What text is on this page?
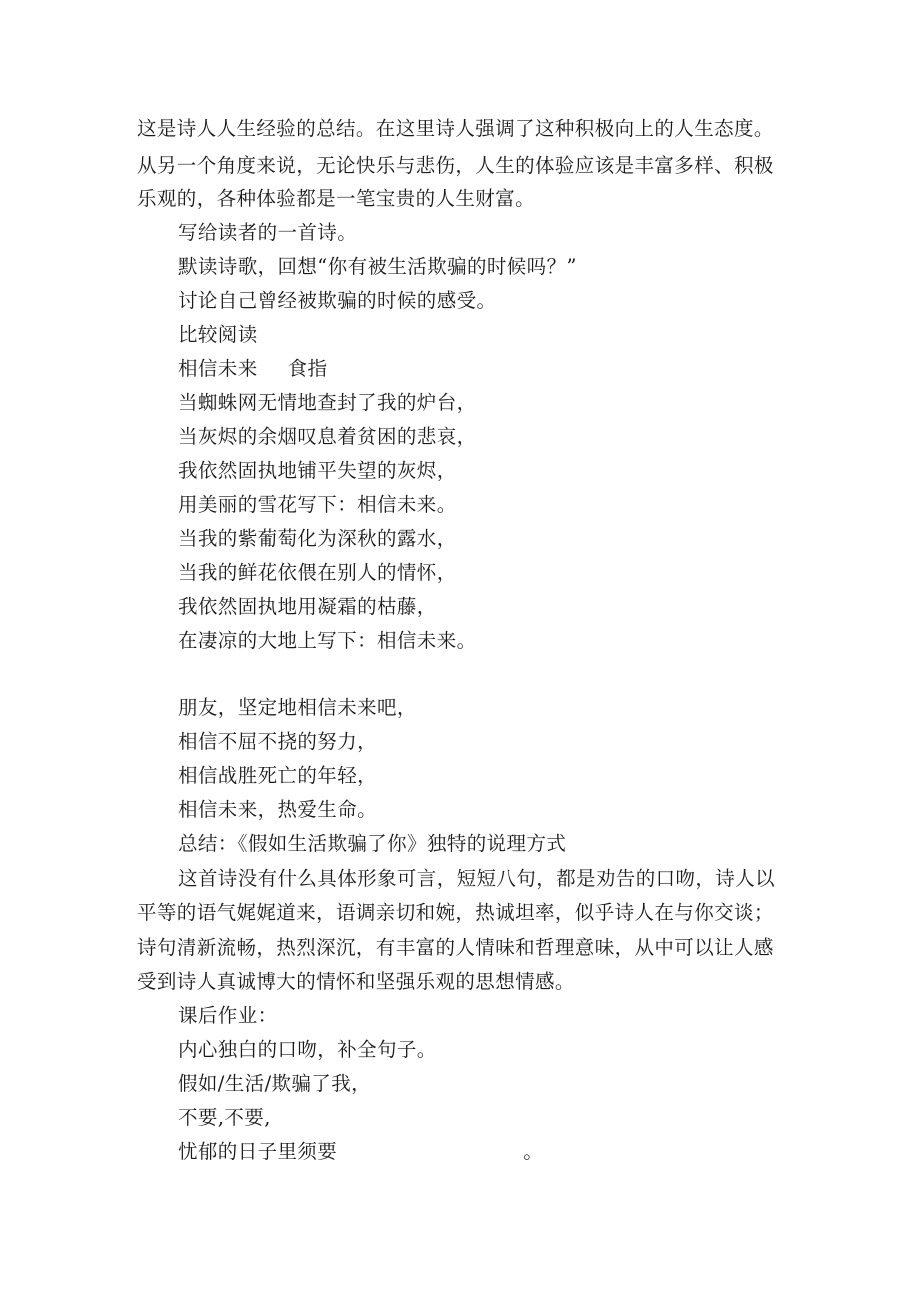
这是诗人人生经验的总结。在这里诗人强调了这种积极向上的人生态度。
从另一个角度来说，无论快乐与悲伤，人生的体验应该是丰富多样、积极
乐观的，各种体验都是一笔宝贵的人生财富。
写给读者的一首诗。
默读诗歌，回想“你有被生活欺骗的时候吗？”
讨论自己曾经被欺骗的时候的感受。
比较阅读
相信未来 食指
当蜘蛛网无情地查封了我的炉台，
当灰烬的余烟叹息着贫困的悲哀，
我依然固执地铺平失望的灰烬，
用美丽的雪花写下：相信未来。
当我的紫葡萄化为深秋的露水，
当我的鲜花依偎在别人的情怀，
我依然固执地用凝霜的枯藤，
在凄凉的大地上写下：相信未来。
朋友，坚定地相信未来吧，
相信不屈不挠的努力，
相信战胜死亡的年轻，
相信未来，热爱生命。
总结：《假如生活欺骗了你》独特的说理方式
这首诗没有什么具体形象可言，短短八句，都是劝告的口吻，诗人以
平等的语气娓娓道来，语调亲切和婉，热诚坦率，似乎诗人在与你交谈；
诗句清新流畅，热烈深沉，有丰富的人情味和哲理意味，从中可以让人感
受到诗人真诚博大的情怀和坚强乐观的思想情感。
课后作业：
内心独白的口吻，补全句子。
假如/生活/欺骗了我，
不要,不要,
忧郁的日子里须要	。
